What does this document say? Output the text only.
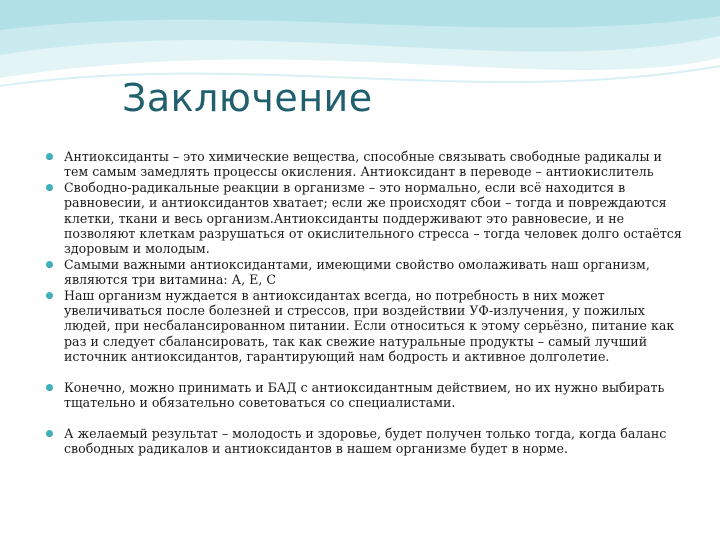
Заключение
Антиоксиданты – это химические вещества, способные связывать свободные радикалы и тем самым замедлять процессы окисления. Антиоксидант в переводе – антиокислитель
Свободно-радикальные реакции в организме – это нормально, если всё находится в равновесии, и антиоксидантов хватает; если же происходят сбои – тогда и повреждаются клетки, ткани и весь организм.Антиоксиданты поддерживают это равновесие, и не позволяют клеткам разрушаться от окислительного стресса – тогда человек долго остаётся здоровым и молодым.
Самыми важными антиоксидантами, имеющими свойство омолаживать наш организм, являются три витамина: А, Е, С
Наш организм нуждается в антиоксидантах всегда, но потребность в них может увеличиваться после болезней и стрессов, при воздействии УФ-излучения, у пожилых людей, при несбалансированном питании. Если относиться к этому серьёзно, питание как раз и следует сбалансировать, так как свежие натуральные продукты – самый лучший источник антиоксидантов, гарантирующий нам бодрость и активное долголетие.
Конечно, можно принимать и БАД с антиоксидантным действием, но их нужно выбирать тщательно и обязательно советоваться со специалистами.
А желаемый результат – молодость и здоровье, будет получен только тогда, когда баланс свободных радикалов и антиоксидантов в нашем организме будет в норме.
